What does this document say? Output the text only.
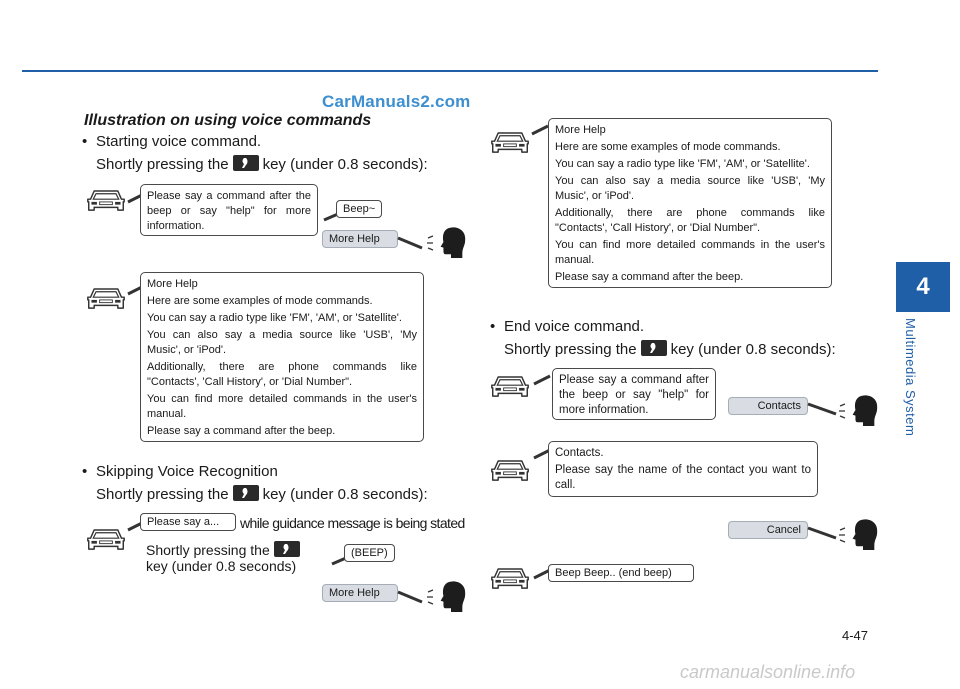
CarManuals2.com
Illustration on using voice commands
• Starting voice command.
Shortly pressing the key (under 0.8 seconds):
Please say a command after the beep or say "help" for more information.
Beep~
More Help

More Help

Here are some examples of mode commands.

You can say a radio type like 'FM', 'AM', or 'Satellite'.

You can also say a media source like 'USB', 'My Music', or 'iPod'.

Additionally, there are phone commands like "Contacts', 'Call History', or 'Dial Number".

You can find more detailed commands in the user's manual.

Please say a command after the beep.

• Skipping Voice Recognition
Shortly pressing the key (under 0.8 seconds):
Please say a...	while guidance message is being stated
Shortly pressing the
key (under 0.8 seconds)
(BEEP)
More Help

More Help

Here are some examples of mode commands.

You can say a radio type like 'FM', 'AM', or 'Satellite'.

You can also say a media source like 'USB', 'My Music', or 'iPod'.

Additionally, there are phone commands like "Contacts', 'Call History', or 'Dial Number".

You can find more detailed commands in the user's manual.

Please say a command after the beep.

• End voice command.
Shortly pressing the key (under 0.8 seconds):
Please say a command after the beep or say "help" for more information.	Contacts

Contacts.

Please say the name of the contact you want to call.

Cancel
Beep Beep.. (end beep)
4
Multimedia System
4-47
carmanualsonline.info
